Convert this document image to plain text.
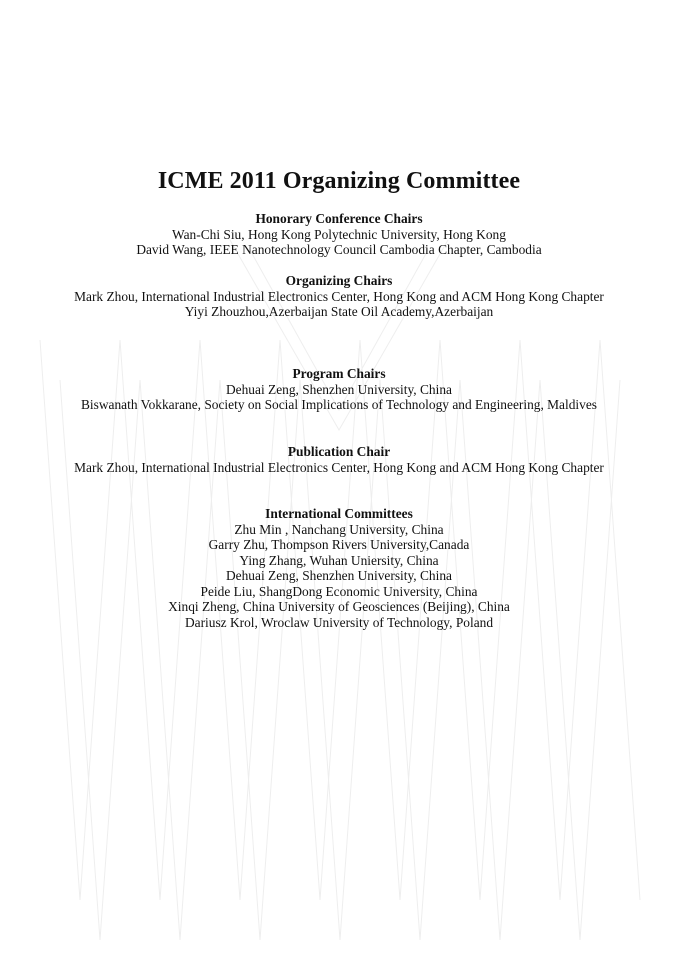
ICME 2011 Organizing Committee
Honorary Conference Chairs
Wan-Chi Siu, Hong Kong Polytechnic University, Hong Kong
David Wang, IEEE Nanotechnology Council Cambodia Chapter, Cambodia
Organizing Chairs
Mark Zhou, International Industrial Electronics Center, Hong Kong and ACM Hong Kong Chapter
Yiyi Zhouzhou,Azerbaijan State Oil Academy,Azerbaijan
Program Chairs
Dehuai Zeng, Shenzhen University, China
Biswanath Vokkarane, Society on Social Implications of Technology and Engineering, Maldives
Publication Chair
Mark Zhou, International Industrial Electronics Center, Hong Kong and ACM Hong Kong Chapter
International Committees
Zhu Min , Nanchang University, China
Garry Zhu, Thompson Rivers University,Canada
Ying Zhang, Wuhan Uniersity, China
Dehuai Zeng, Shenzhen University, China
Peide Liu, ShangDong Economic University, China
Xinqi Zheng, China University of Geosciences (Beijing), China
Dariusz Krol, Wroclaw University of Technology, Poland
